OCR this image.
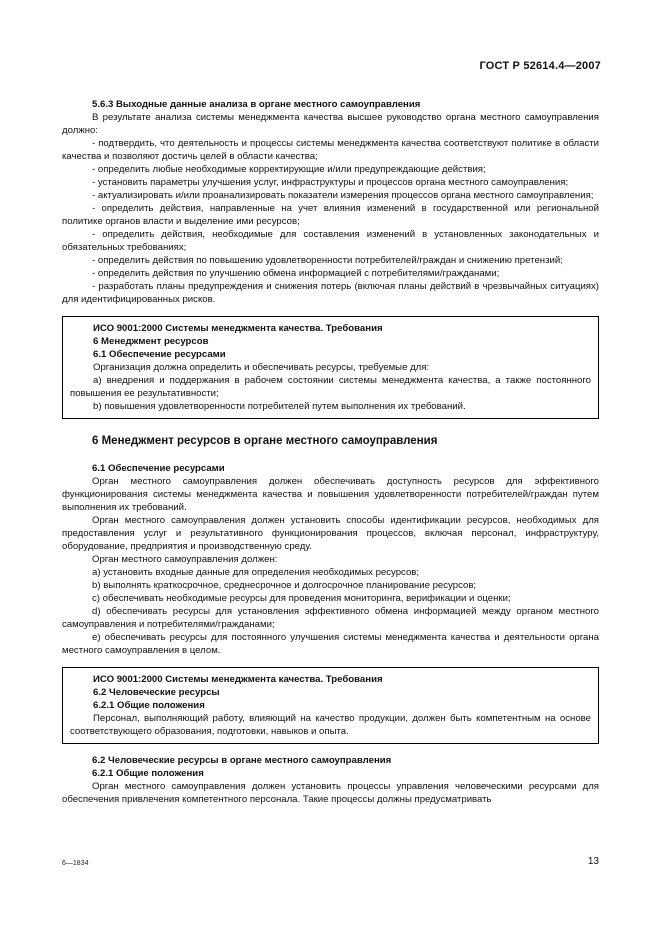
ГОСТ Р 52614.4—2007
5.6.3 Выходные данные анализа в органе местного самоуправления

В результате анализа системы менеджмента качества высшее руководство органа местного самоуправления должно:

- подтвердить, что деятельность и процессы системы менеджмента качества соответствуют политике в области качества и позволяют достичь целей в области качества;

- определить любые необходимые корректирующие и/или предупреждающие действия;

- установить параметры улучшения услуг, инфраструктуры и процессов органа местного самоуправления;

- актуализировать и/или проанализировать показатели измерения процессов органа местного самоуправления;

- определить действия, направленные на учет влияния изменений в государственной или региональной политике органов власти и выделение ими ресурсов;

- определить действия, необходимые для составления изменений в установленных законодательных и обязательных требованиях;

- определить действия по повышению удовлетворенности потребителей/граждан и снижению претензий;

- определить действия по улучшению обмена информацией с потребителями/гражданами;

- разработать планы предупреждения и снижения потерь (включая планы действий в чрезвычайных ситуациях) для идентифицированных рисков.

ИСО 9001:2000 Системы менеджмента качества. Требования
6 Менеджмент ресурсов
6.1 Обеспечение ресурсами

Организация должна определить и обеспечивать ресурсы, требуемые для:

а) внедрения и поддержания в рабочем состоянии системы менеджмента качества, а также постоянного повышения ее результативности;

b) повышения удовлетворенности потребителей путем выполнения их требований.

6 Менеджмент ресурсов в органе местного самоуправления
6.1 Обеспечение ресурсами

Орган местного самоуправления должен обеспечивать доступность ресурсов для эффективного функционирования системы менеджмента качества и повышения удовлетворенности потребителей/граждан путем выполнения их требований.

Орган местного самоуправления должен установить способы идентификации ресурсов, необходимых для предоставления услуг и результативного функционирования процессов, включая персонал, инфраструктуру, оборудование, предприятия и производственную среду.

Орган местного самоуправления должен:

а) установить входные данные для определения необходимых ресурсов;

b) выполнять краткосрочное, среднесрочное и долгосрочное планирование ресурсов;

c) обеспечивать необходимые ресурсы для проведения мониторинга, верификации и оценки;

d) обеспечивать ресурсы для установления эффективного обмена информацией между органом местного самоуправления и потребителями/гражданами;

e) обеспечивать ресурсы для постоянного улучшения системы менеджмента качества и деятельности органа местного самоуправления в целом.

ИСО 9001:2000 Системы менеджмента качества. Требования
6.2 Человеческие ресурсы
6.2.1 Общие положения

Персонал, выполняющий работу, влияющий на качество продукции, должен быть компетентным на основе соответствующего образования, подготовки, навыков и опыта.

6.2 Человеческие ресурсы в органе местного самоуправления
6.2.1 Общие положения

Орган местного самоуправления должен установить процессы управления человеческими ресурсами для обеспечения привлечения компетентного персонала. Такие процессы должны предусматривать

6—1834	13
